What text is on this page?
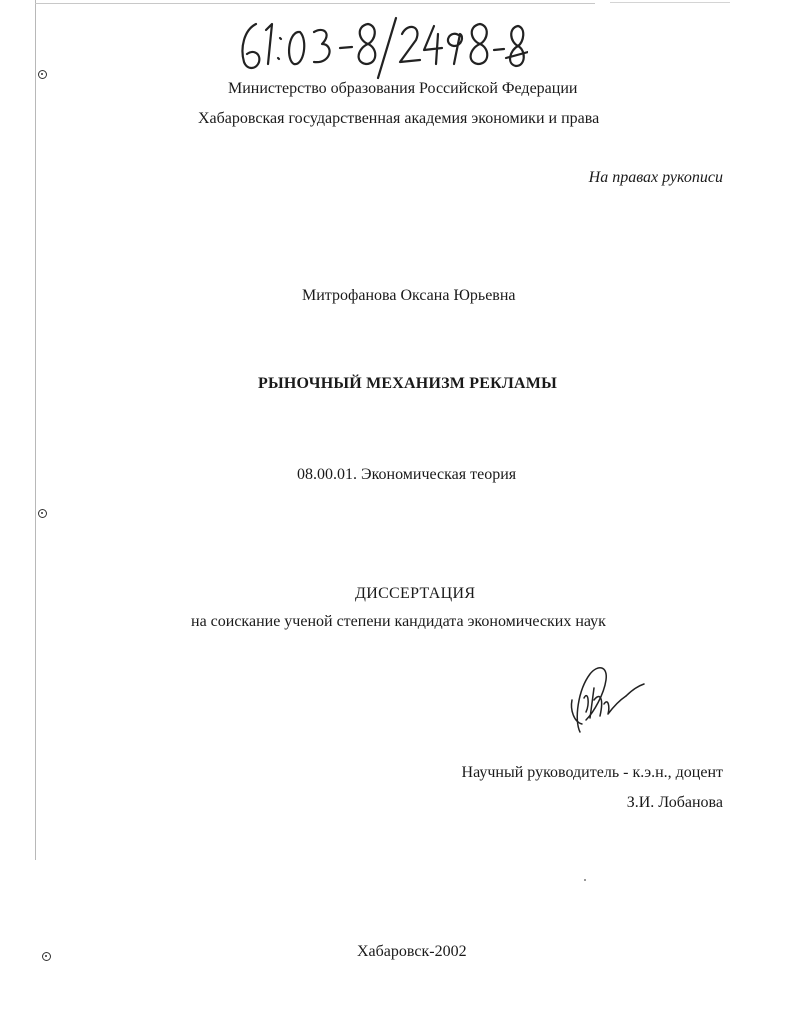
Министерство образования Российской Федерации
Хабаровская государственная академия экономики и права
На правах рукописи
Митрофанова Оксана Юрьевна
РЫНОЧНЫЙ МЕХАНИЗМ РЕКЛАМЫ
08.00.01. Экономическая теория
ДИССЕРТАЦИЯ
на соискание ученой степени кандидата экономических наук
Научный руководитель - к.э.н., доцент
З.И. Лобанова
Хабаровск-2002
